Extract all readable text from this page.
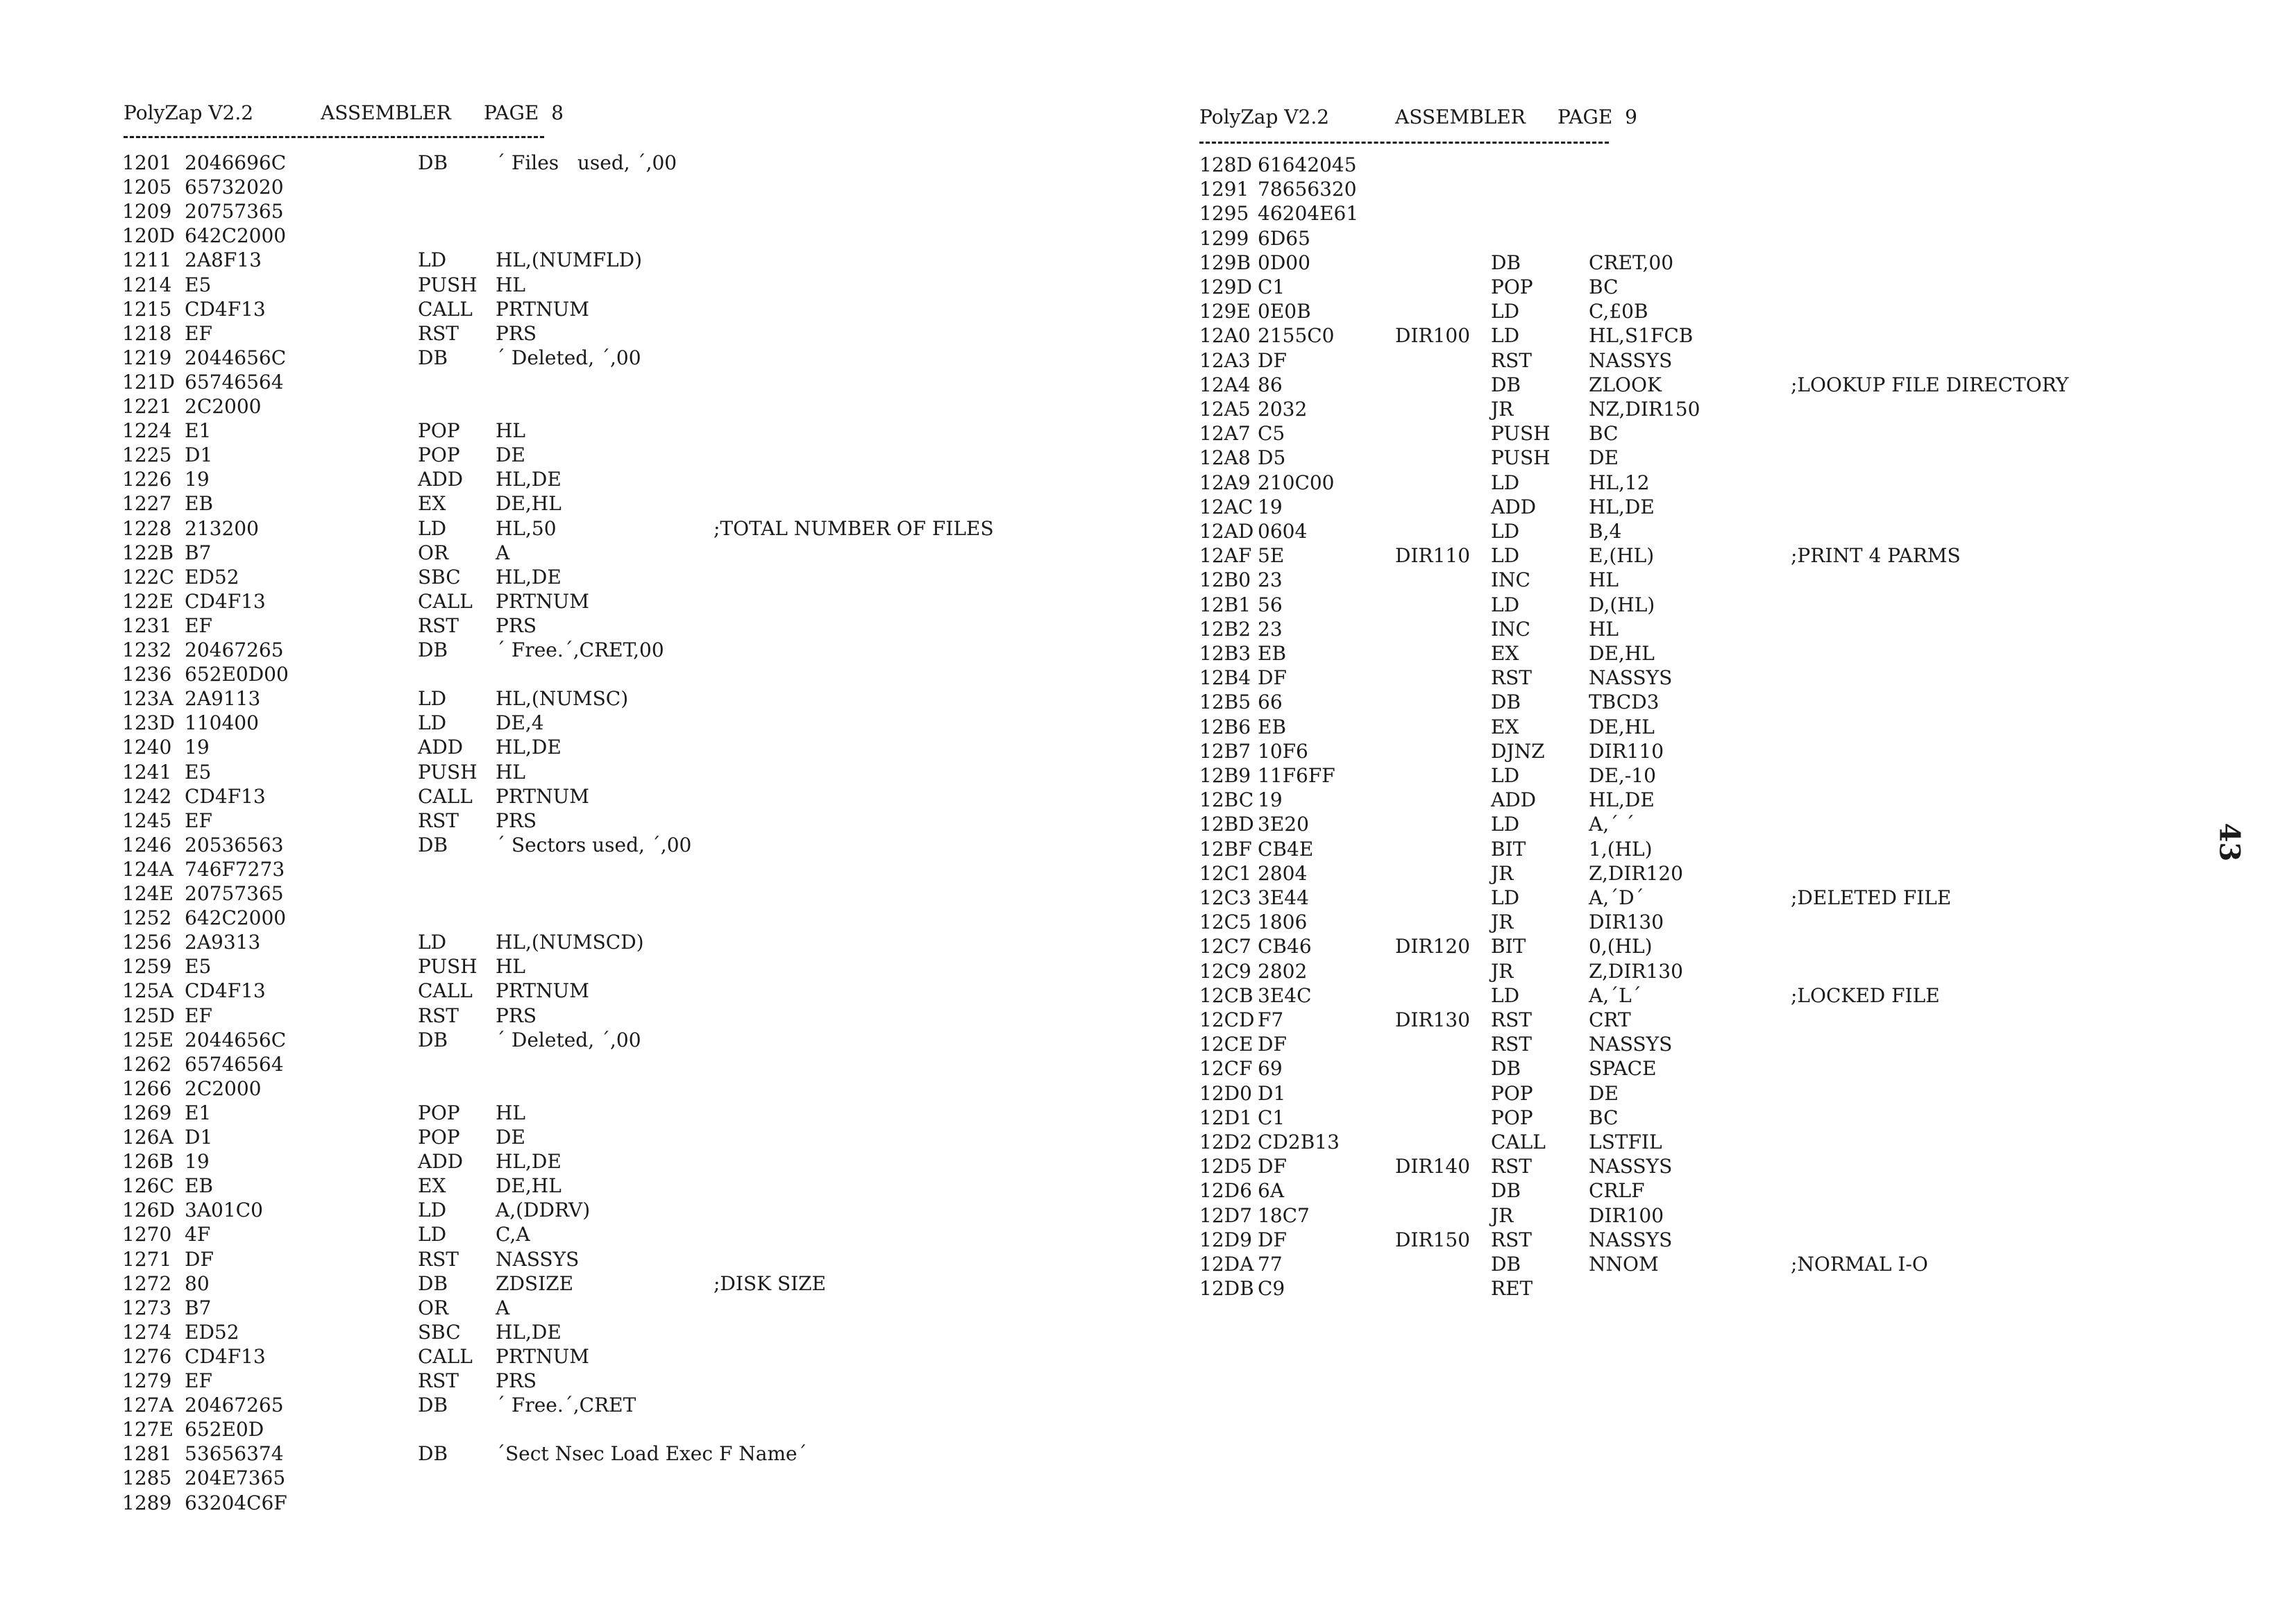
PolyZap V2.2	ASSEMBLER PAGE  8
1201 2046696C	DB ´ Files   used, ´,00
1205 65732020
1209 20757365
120D 642C2000
1211 2A8F13	LD	HL,(NUMFLD)
1214 E5	PUSH HL
1215 CD4F13	CALL PRTNUM
1218 EF	RST PRS
1219 2044656C	DB ´ Deleted, ´,00
121D 65746564
1221 2C2000
1224 E1	POP HL
1225 D1	POP DE
1226 19	ADD HL,DE
1227 EB	EX	DE,HL
1228 213200	LD	HL,50	;TOTAL NUMBER OF FILES
122B B7	OR A
122C ED52	SBC HL,DE
122E CD4F13	CALL PRTNUM
1231 EF	RST PRS
1232 20467265	DB ´ Free.´,CRET,00
1236 652E0D00
123A 2A9113	LD	HL,(NUMSC)
123D 110400	LD	DE,4
1240 19	ADD HL,DE
1241 E5	PUSH HL
1242 CD4F13	CALL PRTNUM
1245 EF	RST PRS
1246 20536563	DB ´ Sectors used, ´,00
124A 746F7273
124E 20757365
1252 642C2000
1256 2A9313	LD	HL,(NUMSCD)
1259 E5	PUSH HL
125A CD4F13	CALL PRTNUM
125D EF	RST PRS
125E 2044656C	DB ´ Deleted, ´,00
1262 65746564
1266 2C2000
1269 E1	POP HL
126A D1	POP DE
126B 19	ADD HL,DE
126C EB	EX	DE,HL
126D 3A01C0	LD	A,(DDRV)
1270 4F	LD	C,A
1271 DF	RST NASSYS
1272 80	DB ZDSIZE	;DISK SIZE
1273 B7	OR A
1274 ED52	SBC HL,DE
1276 CD4F13	CALL PRTNUM
1279 EF	RST PRS
127A 20467265	DB ´ Free.´,CRET
127E 652E0D
1281 53656374	DB ´Sect Nsec Load Exec F Name´
1285 204E7365
1289 63204C6F
PolyZap V2.2	ASSEMBLER PAGE  9
128D 61642045
1291 78656320
1295 46204E61
1299 6D65
129B 0D00	DB	CRET,00
129D C1	POP	BC
129E 0E0B	LD	C,£0B
12A0 2155C0	DIR100 LD	HL,S1FCB
12A3 DF	RST	NASSYS
12A4 86	DB	ZLOOK	;LOOKUP FILE DIRECTORY
12A5 2032	JR	NZ,DIR150
12A7 C5	PUSH BC
12A8 D5	PUSH DE
12A9 210C00	LD	HL,12
12AC 19	ADD	HL,DE
12AD 0604	LD	B,4
12AF 5E	DIR110 LD	E,(HL)	;PRINT 4 PARMS
12B0 23	INC	HL
12B1 56	LD	D,(HL)
12B2 23	INC	HL
12B3 EB	EX	DE,HL
12B4 DF	RST	NASSYS
12B5 66	DB	TBCD3
12B6 EB	EX	DE,HL
12B7 10F6	DJNZ DIR110
12B9 11F6FF	LD	DE,-10
12BC 19	ADD	HL,DE
12BD 3E20	LD	A,´ ´
12BF CB4E	BIT	1,(HL)
12C1 2804	JR	Z,DIR120
12C3 3E44	LD	A,´D´	;DELETED FILE
12C5 1806	JR	DIR130
12C7 CB46	DIR120 BIT	0,(HL)
12C9 2802	JR	Z,DIR130
12CB 3E4C	LD	A,´L´	;LOCKED FILE
12CD F7	DIR130 RST	CRT
12CE DF	RST	NASSYS
12CF 69	DB	SPACE
12D0 D1	POP	DE
12D1 C1	POP	BC
12D2 CD2B13	CALL LSTFIL
12D5 DF	DIR140 RST	NASSYS
12D6 6A	DB	CRLF
12D7 18C7	JR	DIR100
12D9 DF	DIR150 RST	NASSYS
12DA 77	DB	NNOM	;NORMAL I-O
12DB C9	RET
43
